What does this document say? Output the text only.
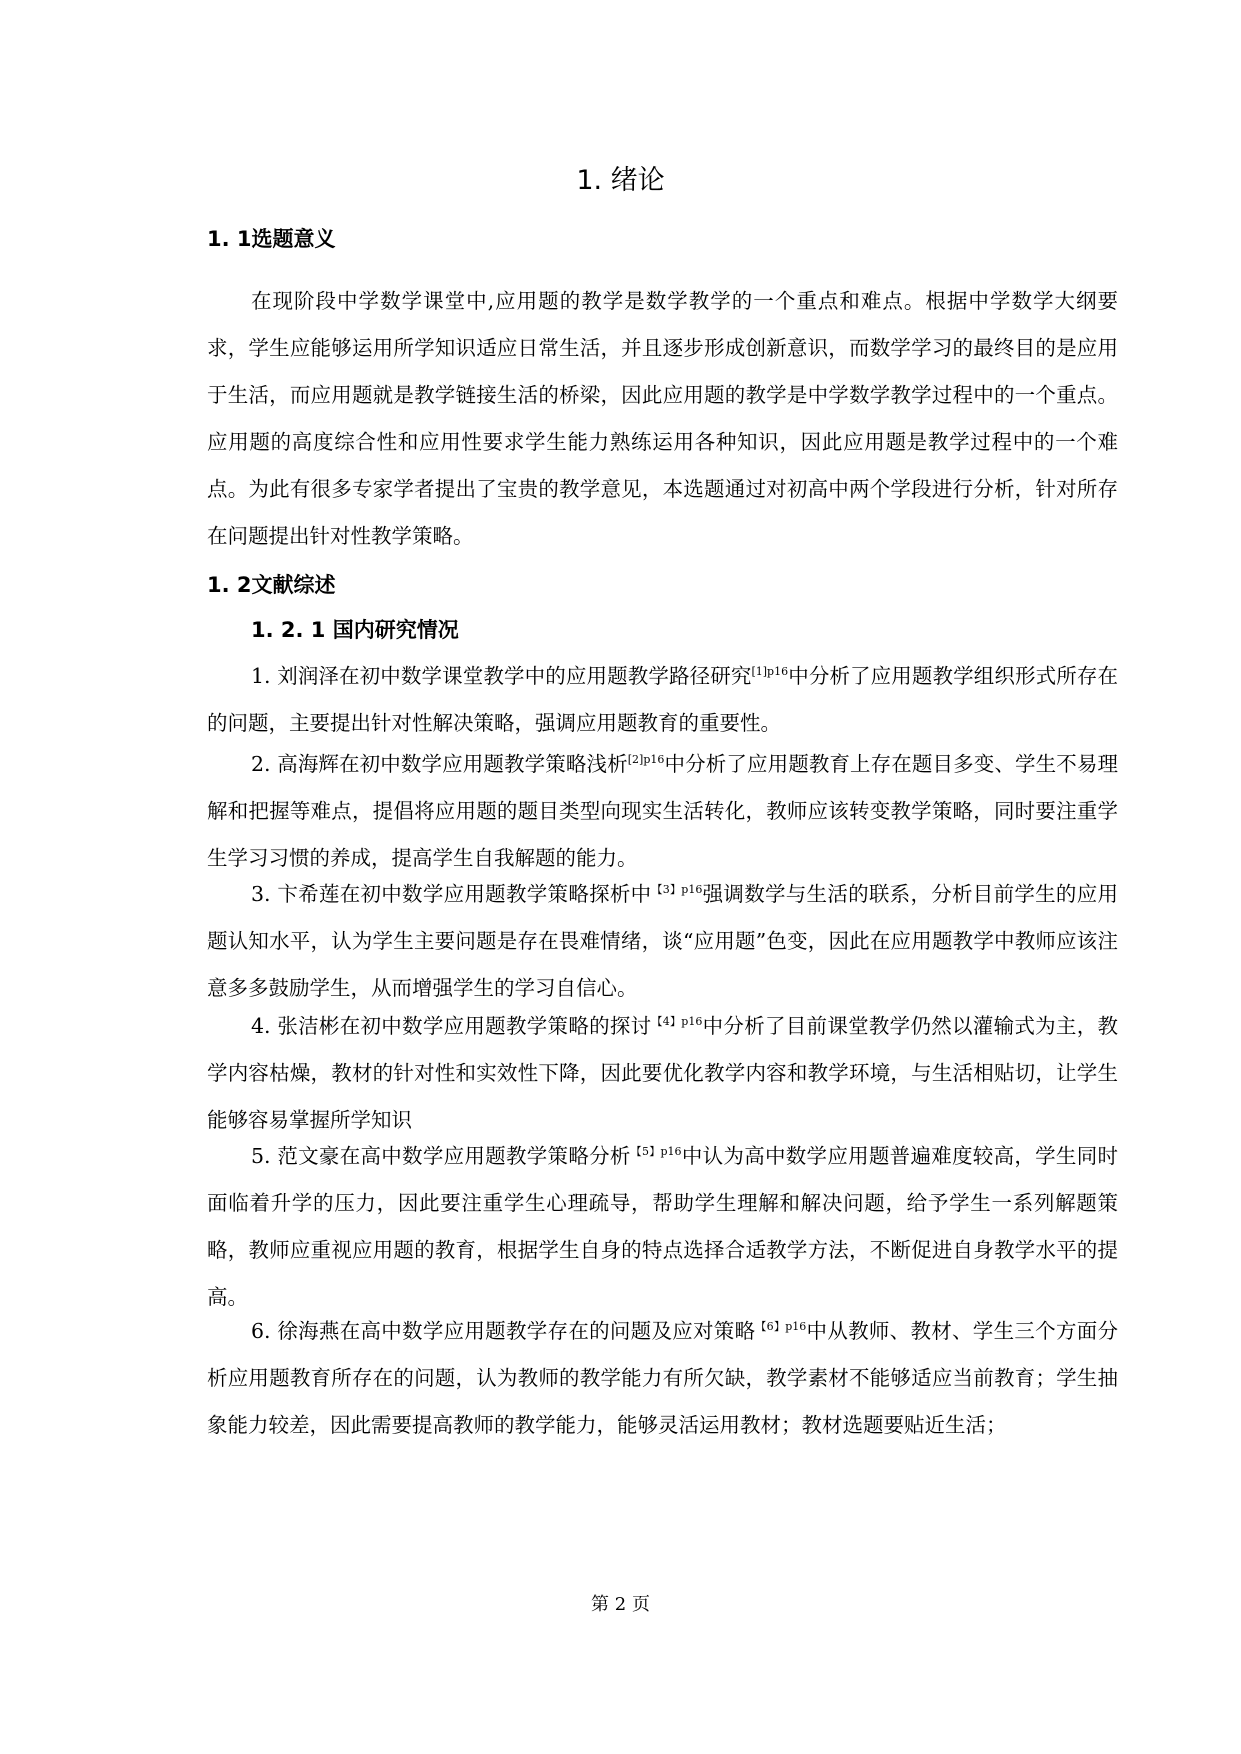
1. 绪论
1. 1选题意义

在现阶段中学数学课堂中,应用题的教学是数学教学的一个重点和难点。根据中学数学大纲要求，学生应能够运用所学知识适应日常生活，并且逐步形成创新意识，而数学学习的最终目的是应用于生活，而应用题就是教学链接生活的桥梁，因此应用题的教学是中学数学教学过程中的一个重点。应用题的高度综合性和应用性要求学生能力熟练运用各种知识，因此应用题是教学过程中的一个难点。为此有很多专家学者提出了宝贵的教学意见，本选题通过对初高中两个学段进行分析，针对所存在问题提出针对性教学策略。

1. 2文献综述
1. 2. 1 国内研究情况

1. 刘润泽在初中数学课堂教学中的应用题教学路径研究$^{[1]p16}$中分析了应用题教学组织形式所存在的问题，主要提出针对性解决策略，强调应用题教育的重要性。

2. 高海辉在初中数学应用题教学策略浅析$^{[2]p16}$中分析了应用题教育上存在题目多变、学生不易理解和把握等难点，提倡将应用题的题目类型向现实生活转化，教师应该转变教学策略，同时要注重学生学习习惯的养成，提高学生自我解题的能力。

3. 卞希莲在初中数学应用题教学策略探析中$^{【3】p16}$强调数学与生活的联系，分析目前学生的应用题认知水平，认为学生主要问题是存在畏难情绪，谈“应用题”色变，因此在应用题教学中教师应该注意多多鼓励学生，从而增强学生的学习自信心。

4. 张洁彬在初中数学应用题教学策略的探讨$^{【4】p16}$中分析了目前课堂教学仍然以灌输式为主，教学内容枯燥，教材的针对性和实效性下降，因此要优化教学内容和教学环境，与生活相贴切，让学生能够容易掌握所学知识

5. 范文豪在高中数学应用题教学策略分析$^{【5】p16}$中认为高中数学应用题普遍难度较高，学生同时面临着升学的压力，因此要注重学生心理疏导，帮助学生理解和解决问题，给予学生一系列解题策略，教师应重视应用题的教育，根据学生自身的特点选择合适教学方法，不断促进自身教学水平的提高。

6. 徐海燕在高中数学应用题教学存在的问题及应对策略$^{【6】p16}$中从教师、教材、学生三个方面分析应用题教育所存在的问题，认为教师的教学能力有所欠缺，教学素材不能够适应当前教育；学生抽象能力较差，因此需要提高教师的教学能力，能够灵活运用教材；教材选题要贴近生活；

第 2 页
